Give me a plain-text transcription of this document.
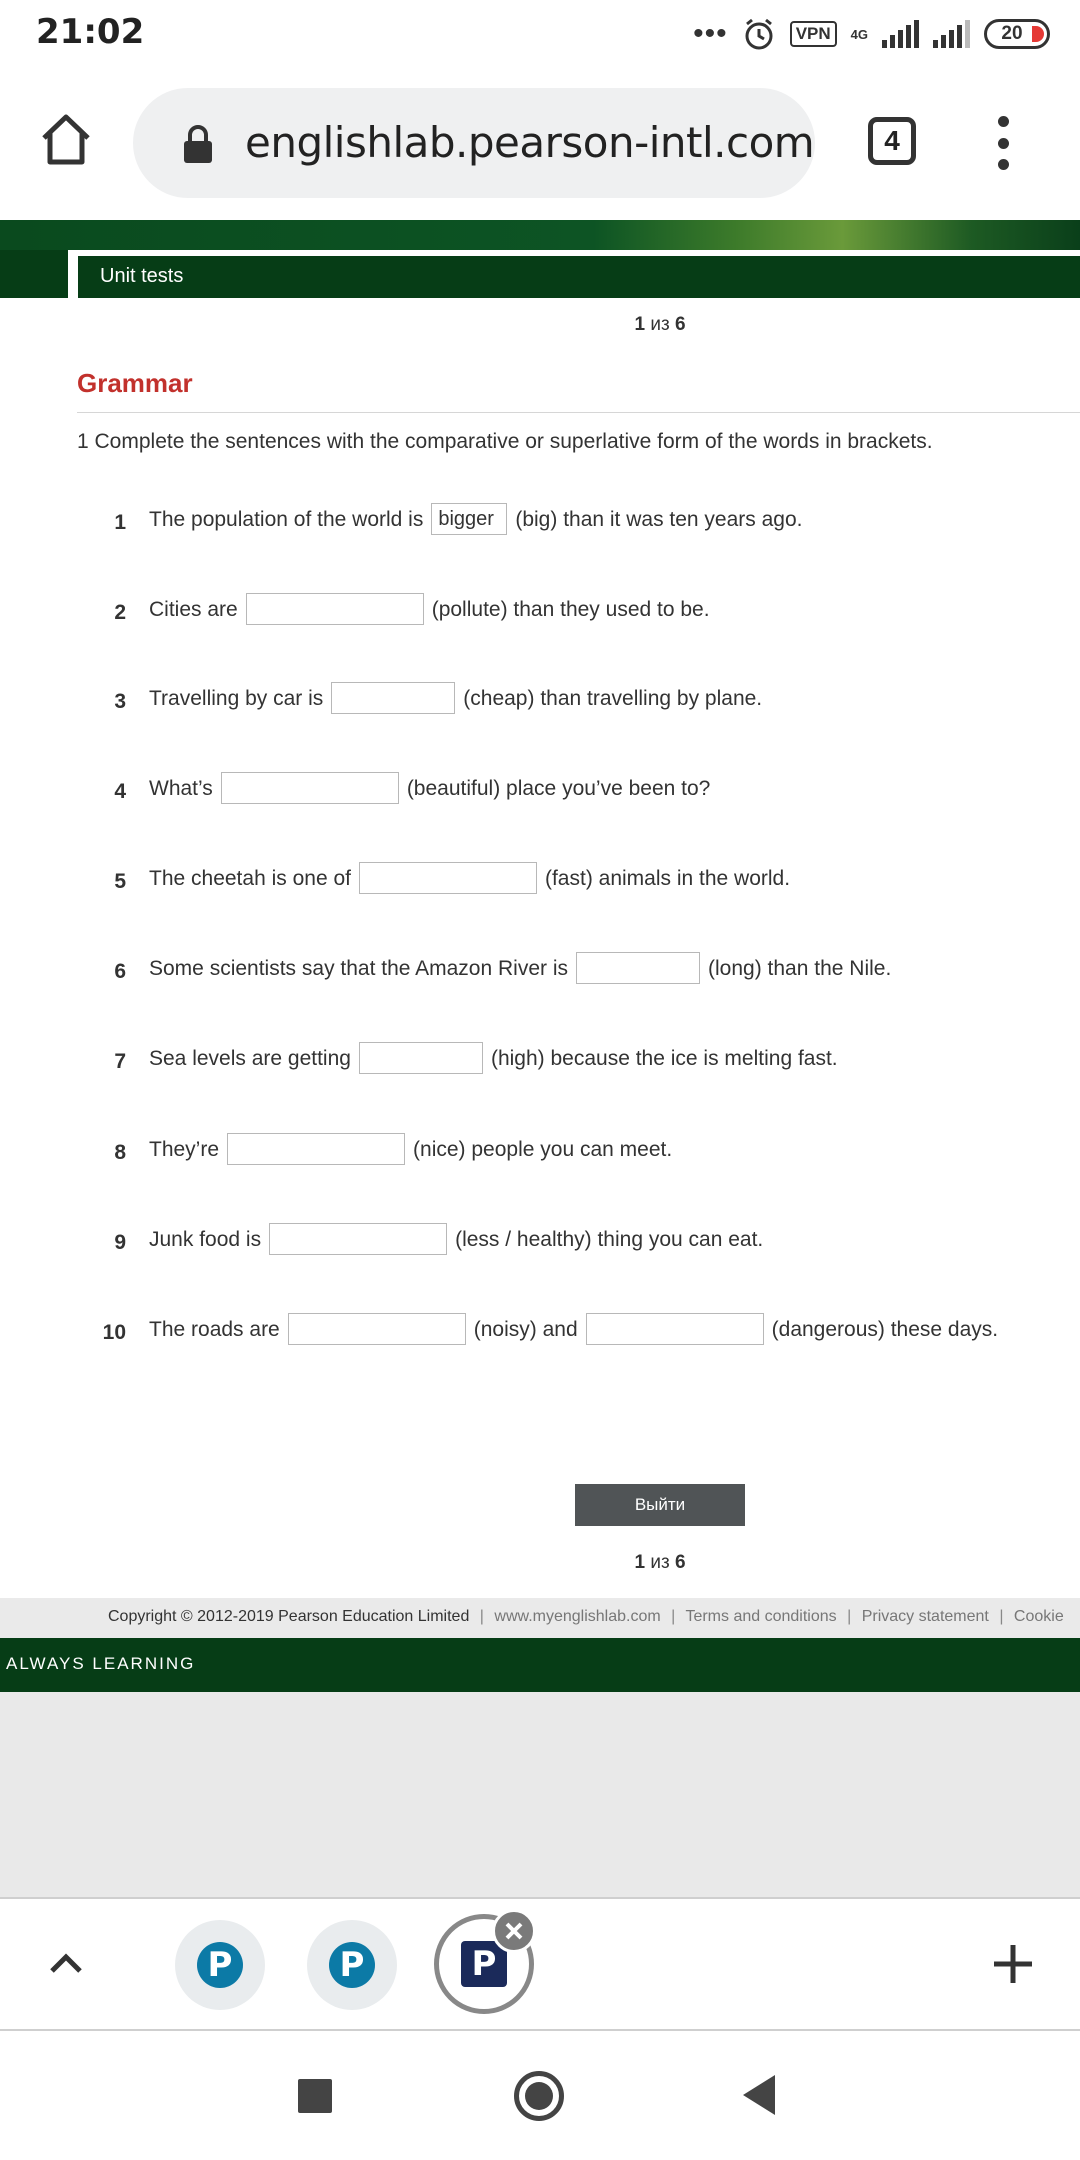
21:02	•••	VPN	4G	20
englishlab.pearson-intl.com	4
Unit tests
1 из 6
Grammar
1 Complete the sentences with the comparative or superlative form of the words in brackets.
1 The population of the world is
bigger	(big) than it was ten years ago.
2 Cities are	(pollute) than they used to be.
3 Travelling by car is	(cheap) than travelling by plane.
4 What’s	(beautiful) place you’ve been to?
5 The cheetah is one of	(fast) animals in the world.
6 Some scientists say that the Amazon River is	(long) than the Nile.
7 Sea levels are getting	(high) because the ice is melting fast.
8 They’re	(nice) people you can meet.
9 Junk food is	(less / healthy) thing you can eat.
10 The roads are	(noisy) and	(dangerous) these days.
Выйти
1 из 6
Copyright © 2012-2019 Pearson Education Limited | www.myenglishlab.com | Terms and conditions | Privacy statement | Cookie
ALWAYS LEARNING
P	P	P
